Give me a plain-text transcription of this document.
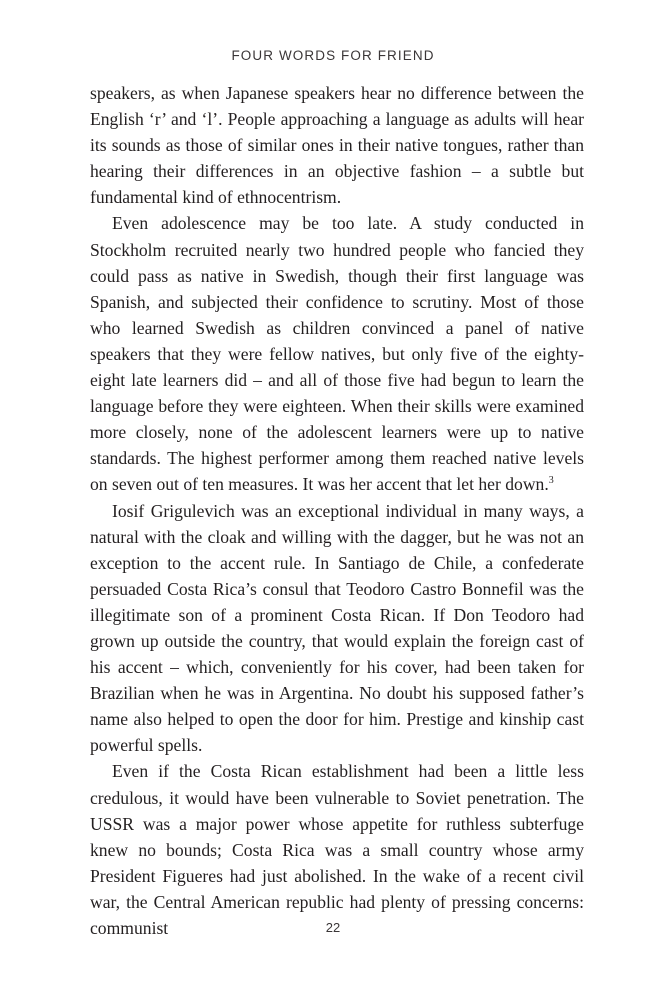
FOUR WORDS FOR FRIEND

speakers, as when Japanese speakers hear no difference between the English ‘r’ and ‘l’. People approaching a language as adults will hear its sounds as those of similar ones in their native tongues, rather than hearing their differences in an objective fashion – a subtle but fundamental kind of ethnocentrism.

Even adolescence may be too late. A study conducted in Stockholm recruited nearly two hundred people who fancied they could pass as native in Swedish, though their first language was Spanish, and subjected their confidence to scrutiny. Most of those who learned Swedish as children convinced a panel of native speakers that they were fellow natives, but only five of the eighty-eight late learners did – and all of those five had begun to learn the language before they were eighteen. When their skills were examined more closely, none of the adolescent learners were up to native standards. The highest performer among them reached native levels on seven out of ten measures. It was her accent that let her down.$^3$

Iosif Grigulevich was an exceptional individual in many ways, a natural with the cloak and willing with the dagger, but he was not an exception to the accent rule. In Santiago de Chile, a confederate persuaded Costa Rica’s consul that Teodoro Castro Bonnefil was the illegitimate son of a prominent Costa Rican. If Don Teodoro had grown up outside the country, that would explain the foreign cast of his accent – which, conveniently for his cover, had been taken for Brazilian when he was in Argentina. No doubt his supposed father’s name also helped to open the door for him. Prestige and kinship cast powerful spells.

Even if the Costa Rican establishment had been a little less credulous, it would have been vulnerable to Soviet penetration. The USSR was a major power whose appetite for ruthless subterfuge knew no bounds; Costa Rica was a small country whose army President Figueres had just abolished. In the wake of a recent civil war, the Central American republic had plenty of pressing concerns: communist	22
